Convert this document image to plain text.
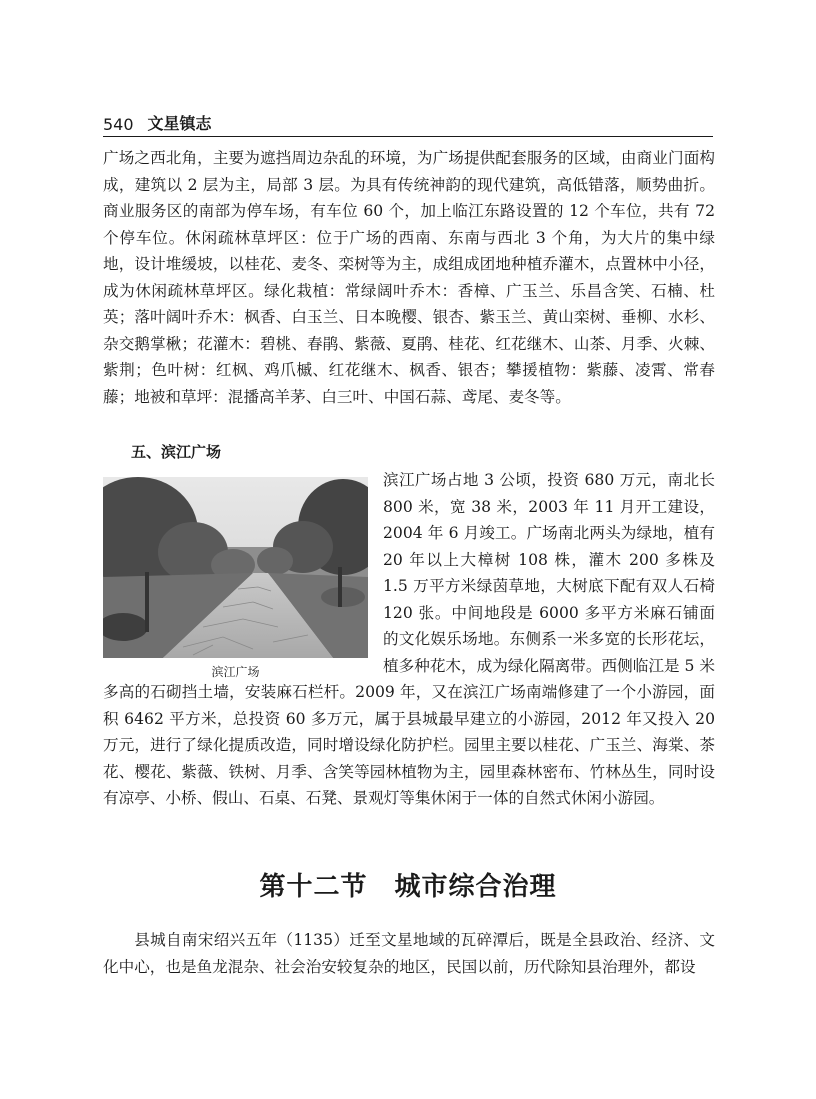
540 文星镇志

广场之西北角，主要为遮挡周边杂乱的环境，为广场提供配套服务的区域，由商业门面构成，建筑以 2 层为主，局部 3 层。为具有传统神韵的现代建筑，高低错落，顺势曲折。商业服务区的南部为停车场，有车位 60 个，加上临江东路设置的 12 个车位，共有 72 个停车位。休闲疏林草坪区：位于广场的西南、东南与西北 3 个角，为大片的集中绿地，设计堆缓坡，以桂花、麦冬、栾树等为主，成组成团地种植乔灌木，点置林中小径，成为休闲疏林草坪区。绿化栽植：常绿阔叶乔木：香樟、广玉兰、乐昌含笑、石楠、杜英；落叶阔叶乔木：枫香、白玉兰、日本晚樱、银杏、紫玉兰、黄山栾树、垂柳、水杉、杂交鹅掌楸；花灌木：碧桃、春鹃、紫薇、夏鹃、桂花、红花继木、山茶、月季、火棘、紫荆；色叶树：红枫、鸡爪槭、红花继木、枫香、银杏；攀援植物：紫藤、凌霄、常春藤；地被和草坪：混播高羊茅、白三叶、中国石蒜、鸢尾、麦冬等。

五、滨江广场

滨江广场

滨江广场占地 3 公顷，投资 680 万元，南北长 800 米，宽 38 米，2003 年 11 月开工建设，2004 年 6 月竣工。广场南北两头为绿地，植有 20 年以上大樟树 108 株，灌木 200 多株及 1.5 万平方米绿茵草地，大树底下配有双人石椅 120 张。中间地段是 6000 多平方米麻石铺面的文化娱乐场地。东侧系一米多宽的长形花坛，植多种花木，成为绿化隔离带。西侧临江是 5 米多高的石砌挡土墙，安装麻石栏杆。2009 年，又在滨江广场南端修建了一个小游园，面积 6462 平方米，总投资 60 多万元，属于县城最早建立的小游园，2012 年又投入 20 万元，进行了绿化提质改造，同时增设绿化防护栏。园里主要以桂花、广玉兰、海棠、茶花、樱花、紫薇、铁树、月季、含笑等园林植物为主，园里森林密布、竹林丛生，同时设有凉亭、小桥、假山、石桌、石凳、景观灯等集休闲于一体的自然式休闲小游园。
第十二节　城市综合治理

县城自南宋绍兴五年（1135）迁至文星地域的瓦碎潭后，既是全县政治、经济、文化中心，也是鱼龙混杂、社会治安较复杂的地区，民国以前，历代除知县治理外，都设
